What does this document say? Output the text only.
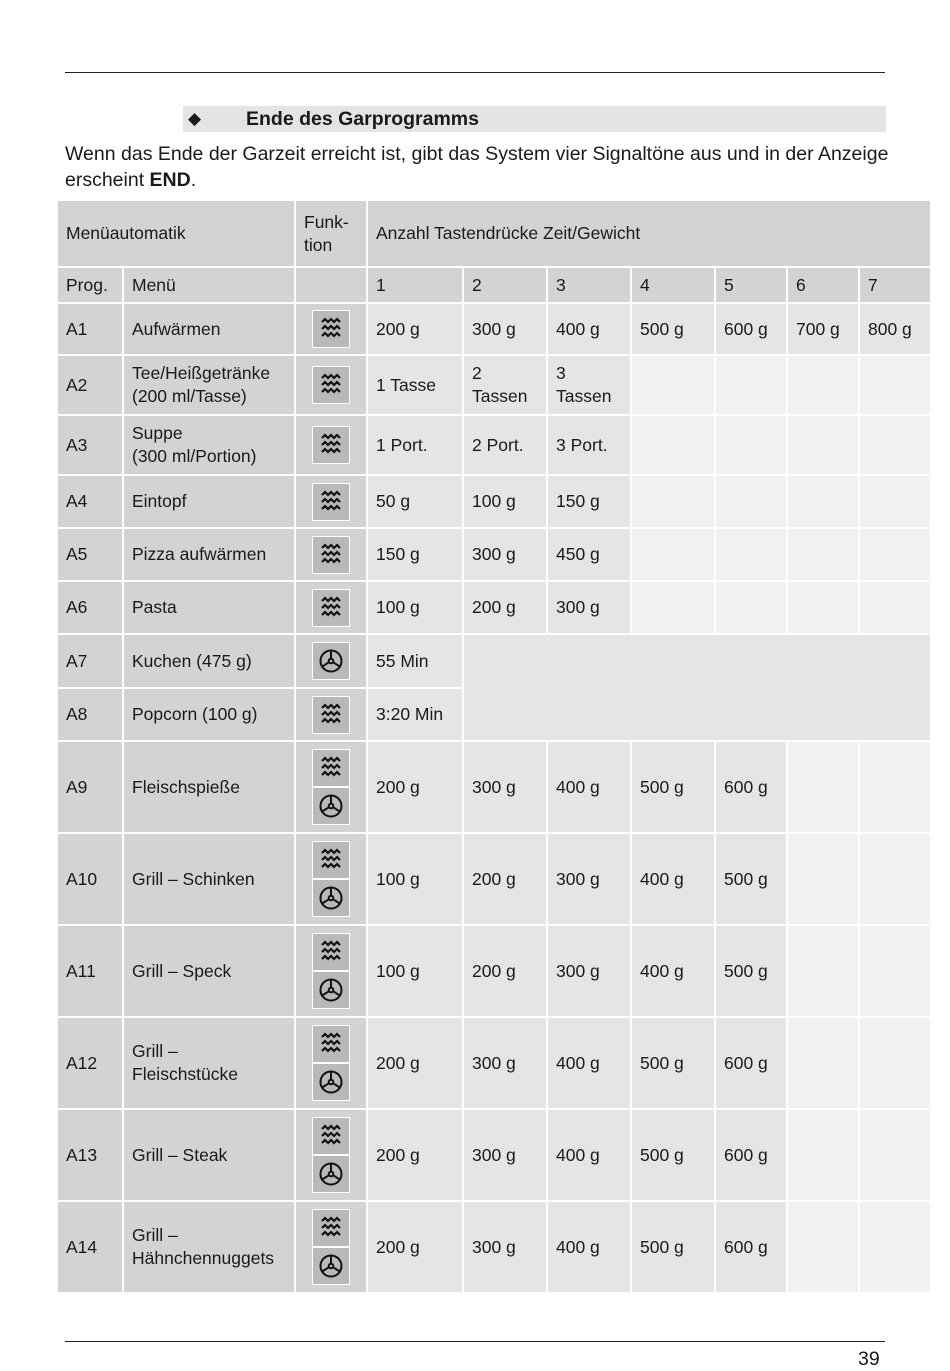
◆ Ende des Garprogramms
Wenn das Ende der Garzeit erreicht ist, gibt das System vier Signaltöne aus und in der Anzeige erscheint END.
Menüautomatik		Funk-
tion	Anzahl Tastendrücke Zeit/Gewicht						
Prog.	Menü		1	2	3	4	5	6	7
A1	Aufwärmen		200 g	300 g	400 g	500 g	600 g	700 g	800 g
A2	Tee/Heißgetränke
(200 ml/Tasse)		1 Tasse	2 Tassen	3 Tassen				
A3	Suppe
(300 ml/Portion)		1 Port.	2 Port.	3 Port.				
A4	Eintopf		50 g	100 g	150 g				
A5	Pizza aufwärmen		150 g	300 g	450 g				
A6	Pasta		100 g	200 g	300 g				
A7	Kuchen (475 g)		55 Min						
A8	Popcorn (100 g)		3:20 Min						
A9	Fleischspieße		200 g	300 g	400 g	500 g	600 g		
A10	Grill – Schinken		100 g	200 g	300 g	400 g	500 g		
A11	Grill – Speck		100 g	200 g	300 g	400 g	500 g		
A12	Grill –
Fleischstücke		200 g	300 g	400 g	500 g	600 g		
A13	Grill – Steak		200 g	300 g	400 g	500 g	600 g		
A14	Grill –
Hähnchennuggets		200 g	300 g	400 g	500 g	600 g		
39
